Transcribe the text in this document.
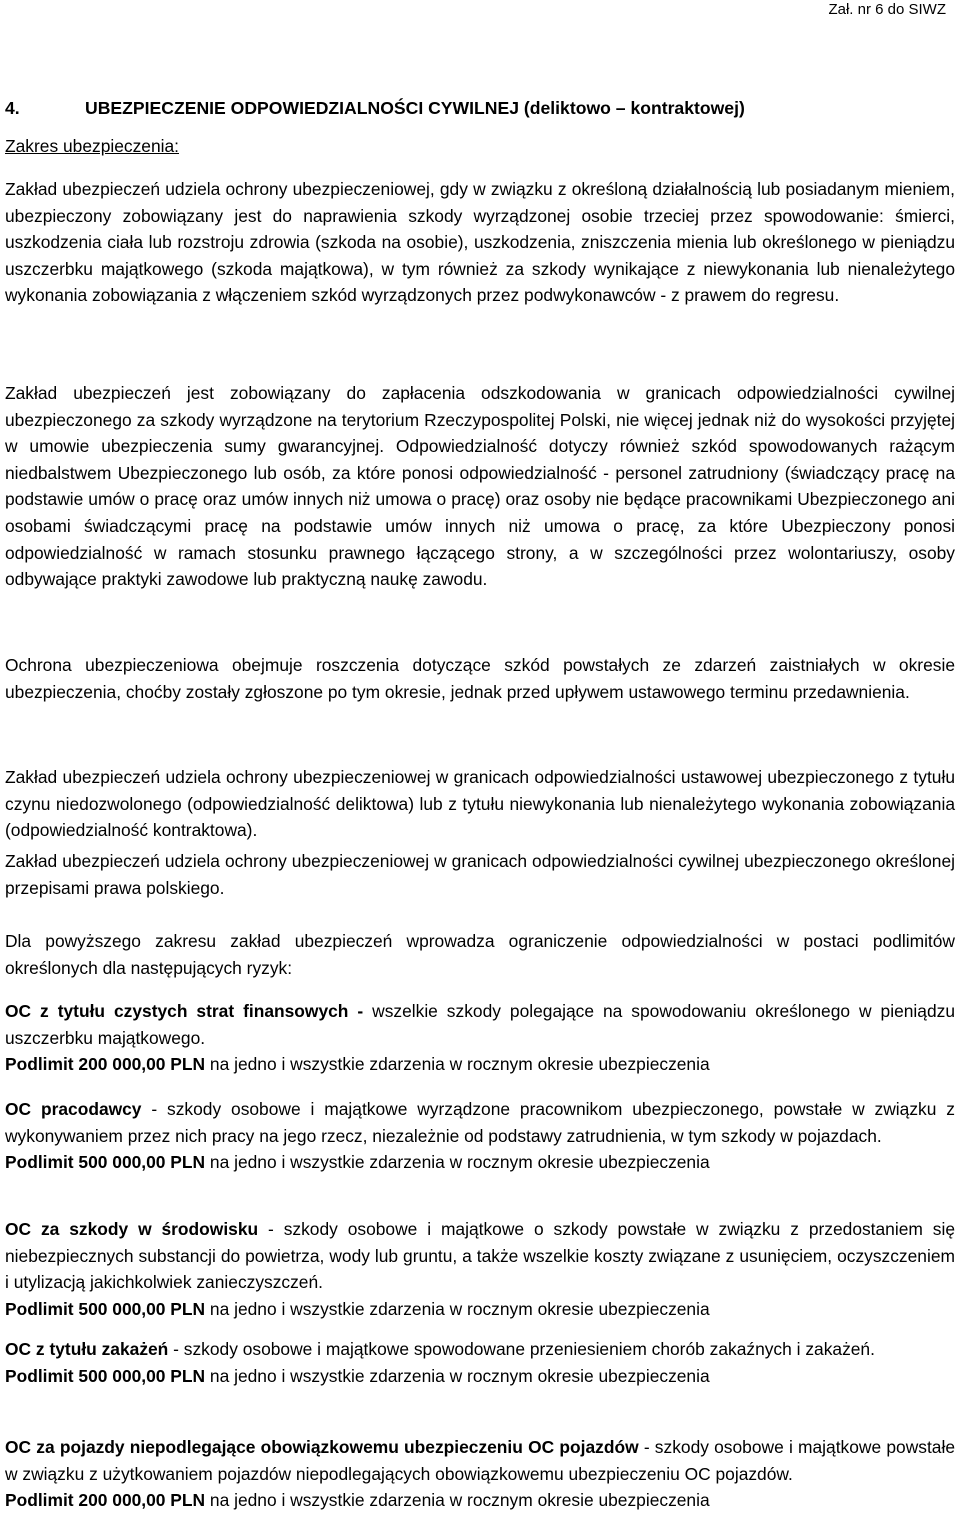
Zał. nr 6 do SIWZ
4.	UBEZPIECZENIE ODPOWIEDZIALNOŚCI CYWILNEJ (deliktowo – kontraktowej)
Zakres ubezpieczenia:

Zakład ubezpieczeń udziela ochrony ubezpieczeniowej, gdy w związku z określoną działalnością lub posiadanym mieniem, ubezpieczony zobowiązany jest do naprawienia szkody wyrządzonej osobie trzeciej przez spowodowanie: śmierci, uszkodzenia ciała lub rozstroju zdrowia (szkoda na osobie), uszkodzenia, zniszczenia mienia lub określonego w pieniądzu uszczerbku majątkowego (szkoda majątkowa), w tym również za szkody wynikające z niewykonania lub nienależytego wykonania zobowiązania z włączeniem szkód wyrządzonych przez podwykonawców - z prawem do regresu.

Zakład ubezpieczeń jest zobowiązany do zapłacenia odszkodowania w granicach odpowiedzialności cywilnej ubezpieczonego za szkody wyrządzone na terytorium Rzeczypospolitej Polski, nie więcej jednak niż do wysokości przyjętej w umowie ubezpieczenia sumy gwarancyjnej. Odpowiedzialność dotyczy również szkód spowodowanych rażącym niedbalstwem Ubezpieczonego lub osób, za które ponosi odpowiedzialność - personel zatrudniony (świadczący pracę na podstawie umów o pracę oraz umów innych niż umowa o pracę) oraz osoby nie będące pracownikami Ubezpieczonego ani osobami świadczącymi pracę na podstawie umów innych niż umowa o pracę, za które Ubezpieczony ponosi odpowiedzialność w ramach stosunku prawnego łączącego strony, a w szczególności przez wolontariuszy, osoby odbywające praktyki zawodowe lub praktyczną naukę zawodu.

Ochrona ubezpieczeniowa obejmuje roszczenia dotyczące szkód powstałych ze zdarzeń zaistniałych w okresie ubezpieczenia, choćby zostały zgłoszone po tym okresie, jednak przed upływem ustawowego terminu przedawnienia.

Zakład ubezpieczeń udziela ochrony ubezpieczeniowej w granicach odpowiedzialności ustawowej ubezpieczonego z tytułu czynu niedozwolonego (odpowiedzialność deliktowa) lub z tytułu niewykonania lub nienależytego wykonania zobowiązania (odpowiedzialność kontraktowa).

Zakład ubezpieczeń udziela ochrony ubezpieczeniowej w granicach odpowiedzialności cywilnej ubezpieczonego określonej przepisami prawa polskiego.

Dla powyższego zakresu zakład ubezpieczeń wprowadza ograniczenie odpowiedzialności w postaci podlimitów określonych dla następujących ryzyk:

OC z tytułu czystych strat finansowych - wszelkie szkody polegające na spowodowaniu określonego w pieniądzu uszczerbku majątkowego.
Podlimit 200 000,00 PLN na jedno i wszystkie zdarzenia w rocznym okresie ubezpieczenia
OC pracodawcy - szkody osobowe i majątkowe wyrządzone pracownikom ubezpieczonego, powstałe w związku z wykonywaniem przez nich pracy na jego rzecz, niezależnie od podstawy zatrudnienia, w tym szkody w pojazdach.
Podlimit 500 000,00 PLN na jedno i wszystkie zdarzenia w rocznym okresie ubezpieczenia
OC za szkody w środowisku - szkody osobowe i majątkowe o szkody powstałe w związku z przedostaniem się niebezpiecznych substancji do powietrza, wody lub gruntu, a także wszelkie koszty związane z usunięciem, oczyszczeniem i utylizacją jakichkolwiek zanieczyszczeń.
Podlimit 500 000,00 PLN na jedno i wszystkie zdarzenia w rocznym okresie ubezpieczenia
OC z tytułu zakażeń - szkody osobowe i majątkowe spowodowane przeniesieniem chorób zakaźnych i zakażeń.
Podlimit 500 000,00 PLN na jedno i wszystkie zdarzenia w rocznym okresie ubezpieczenia
OC za pojazdy niepodlegające obowiązkowemu ubezpieczeniu OC pojazdów - szkody osobowe i majątkowe powstałe w związku z użytkowaniem pojazdów niepodlegających obowiązkowemu ubezpieczeniu OC pojazdów.
Podlimit 200 000,00 PLN na jedno i wszystkie zdarzenia w rocznym okresie ubezpieczenia
